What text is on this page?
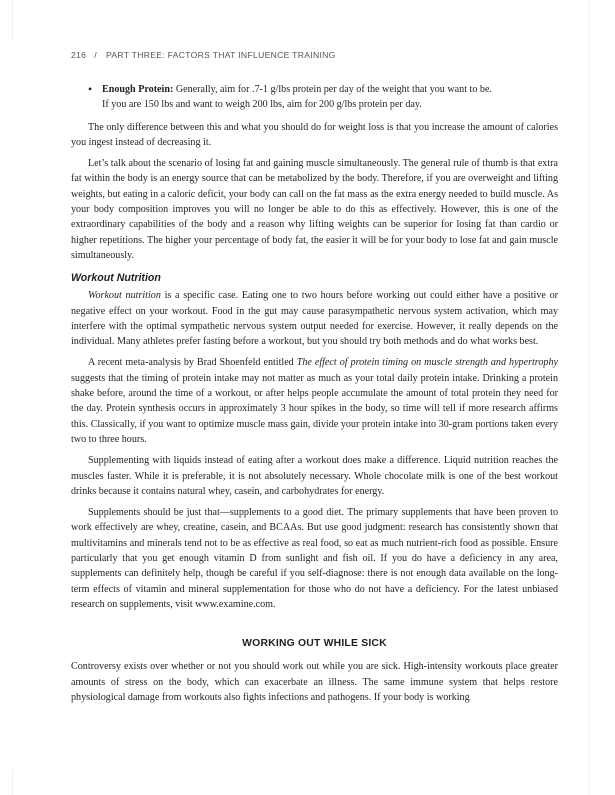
216 / PART THREE: FACTORS THAT INFLUENCE TRAINING
• Enough Protein: Generally, aim for .7-1 g/lbs protein per day of the weight that you want to be.
If you are 150 lbs and want to weigh 200 lbs, aim for 200 g/lbs protein per day.

The only difference between this and what you should do for weight loss is that you increase the amount of calories you ingest instead of decreasing it.

Let’s talk about the scenario of losing fat and gaining muscle simultaneously. The general rule of thumb is that extra fat within the body is an energy source that can be metabolized by the body. Therefore, if you are overweight and lifting weights, but eating in a caloric deficit, your body can call on the fat mass as the extra energy needed to build muscle. As your body composition improves you will no longer be able to do this as effectively. However, this is one of the extraordinary capabilities of the body and a reason why lifting weights can be superior for losing fat than cardio or higher repetitions. The higher your percentage of body fat, the easier it will be for your body to lose fat and gain muscle simultaneously.

Workout Nutrition

Workout nutrition is a specific case. Eating one to two hours before working out could either have a positive or negative effect on your workout. Food in the gut may cause parasympathetic nervous system activation, which may interfere with the optimal sympathetic nervous system output needed for exercise. However, it really depends on the individual. Many athletes prefer fasting before a workout, but you should try both methods and do what works best.

A recent meta-analysis by Brad Shoenfeld entitled The effect of protein timing on muscle strength and hypertrophy suggests that the timing of protein intake may not matter as much as your total daily protein intake. Drinking a protein shake before, around the time of a workout, or after helps people accumulate the amount of total protein they need for the day. Protein synthesis occurs in approximately 3 hour spikes in the body, so time will tell if more research affirms this. Classically, if you want to optimize muscle mass gain, divide your protein intake into 30-gram portions taken every two to three hours.

Supplementing with liquids instead of eating after a workout does make a difference. Liquid nutrition reaches the muscles faster. While it is preferable, it is not absolutely necessary. Whole chocolate milk is one of the best workout drinks because it contains natural whey, casein, and carbohydrates for energy.

Supplements should be just that—supplements to a good diet. The primary supplements that have been proven to work effectively are whey, creatine, casein, and BCAAs. But use good judgment: research has consistently shown that multivitamins and minerals tend not to be as effective as real food, so eat as much nutrient-rich food as possible. Ensure particularly that you get enough vitamin D from sunlight and fish oil. If you do have a deficiency in any area, supplements can definitely help, though be careful if you self-diagnose: there is not enough data available on the long-term effects of vitamin and mineral supplementation for those who do not have a deficiency. For the latest unbiased research on supplements, visit www.examine.com.

WORKING OUT WHILE SICK

Controversy exists over whether or not you should work out while you are sick. High-intensity workouts place greater amounts of stress on the body, which can exacerbate an illness. The same immune system that helps restore physiological damage from workouts also fights infections and pathogens. If your body is working
